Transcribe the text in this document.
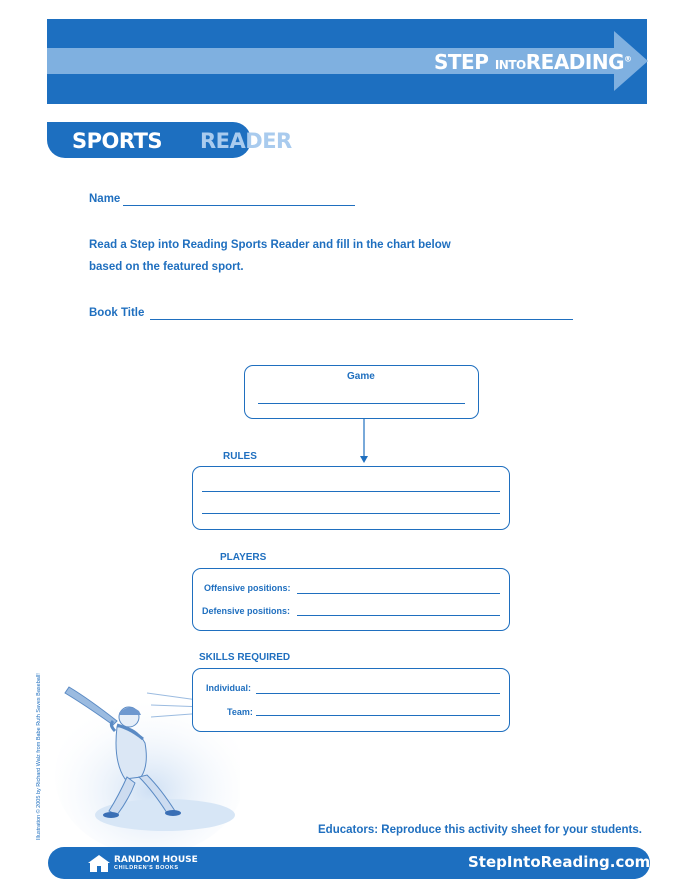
STEP INTOREADING®
SPORTS READER
Name
Read a Step into Reading Sports Reader and fill in the chart below
based on the featured sport.
Book Title
Game
RULES
PLAYERS
Offensive positions:
Defensive positions:
SKILLS REQUIRED
Individual:
Team:
Illustration © 2005 by Richard Walz from Babe Ruth Saves Baseball!	Educators: Reproduce this activity sheet for your students.
RANDOM HOUSE
CHILDREN'S BOOKS	StepIntoReading.com
